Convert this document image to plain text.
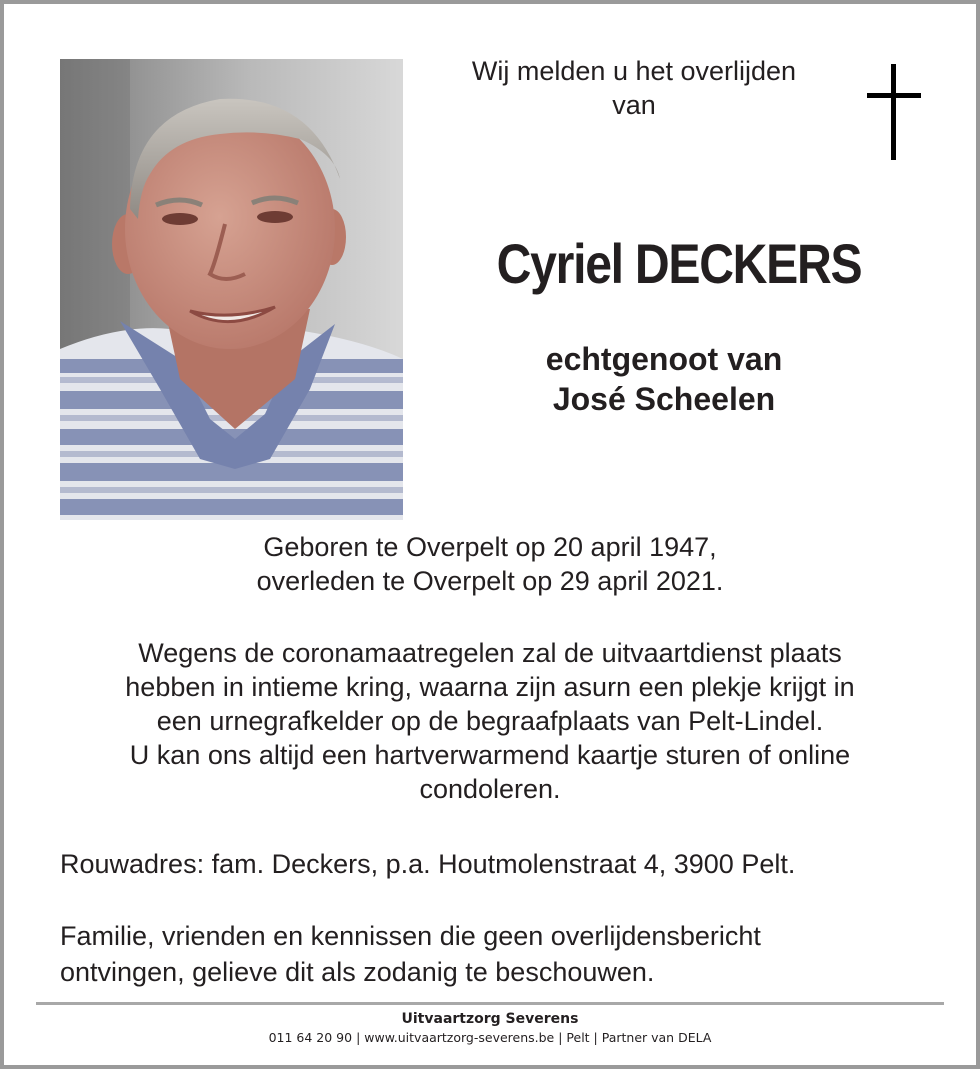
Wij melden u het overlijden
van
Cyriel DECKERS
echtgenoot van
José Scheelen
Geboren te Overpelt op 20 april 1947,
overleden te Overpelt op 29 april 2021.
Wegens de coronamaatregelen zal de uitvaartdienst plaats
hebben in intieme kring, waarna zijn asurn een plekje krijgt in
een urnegrafkelder op de begraafplaats van Pelt-Lindel.
U kan ons altijd een hartverwarmend kaartje sturen of online
condoleren.
Rouwadres: fam. Deckers, p.a. Houtmolenstraat 4, 3900 Pelt.
Familie, vrienden en kennissen die geen overlijdensbericht
ontvingen, gelieve dit als zodanig te beschouwen.
Uitvaartzorg Severens
011 64 20 90 | www.uitvaartzorg-severens.be | Pelt | Partner van DELA
